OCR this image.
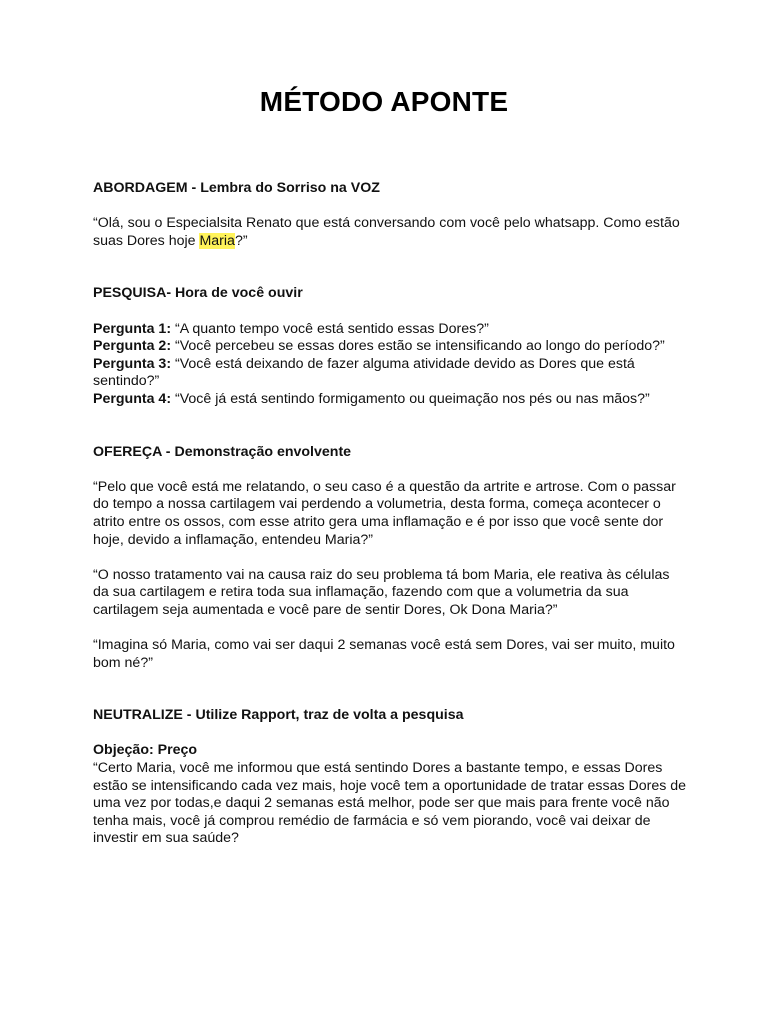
MÉTODO APONTE

ABORDAGEM - Lembra do Sorriso na VOZ

“Olá, sou o Especialsita Renato que está conversando com você pelo whatsapp. Como estão suas Dores hoje Maria?”

PESQUISA- Hora de você ouvir

Pergunta 1: “A quanto tempo você está sentido essas Dores?”

Pergunta 2: “Você percebeu se essas dores estão se intensificando ao longo do período?”

Pergunta 3: “Você está deixando de fazer alguma atividade devido as Dores que está sentindo?”

Pergunta 4: “Você já está sentindo formigamento ou queimação nos pés ou nas mãos?”

OFEREÇA - Demonstração envolvente

“Pelo que você está me relatando, o seu caso é a questão da artrite e artrose. Com o passar do tempo a nossa cartilagem vai perdendo a volumetria, desta forma, começa acontecer o atrito entre os ossos, com esse atrito gera uma inflamação e é por isso que você sente dor hoje, devido a inflamação, entendeu Maria?”

“O nosso tratamento vai na causa raiz do seu problema tá bom Maria, ele reativa às células da sua cartilagem e retira toda sua inflamação, fazendo com que a volumetria da sua cartilagem seja aumentada e você pare de sentir Dores, Ok Dona Maria?”

“Imagina só Maria, como vai ser daqui 2 semanas você está sem Dores, vai ser muito, muito bom né?”

NEUTRALIZE - Utilize Rapport, traz de volta a pesquisa

Objeção: Preço

“Certo Maria, você me informou que está sentindo Dores a bastante tempo, e essas Dores estão se intensificando cada vez mais, hoje você tem a oportunidade de tratar essas Dores de uma vez por todas,e daqui 2 semanas está melhor, pode ser que mais para frente você não tenha mais, você já comprou remédio de farmácia e só vem piorando, você vai deixar de investir em sua saúde?
